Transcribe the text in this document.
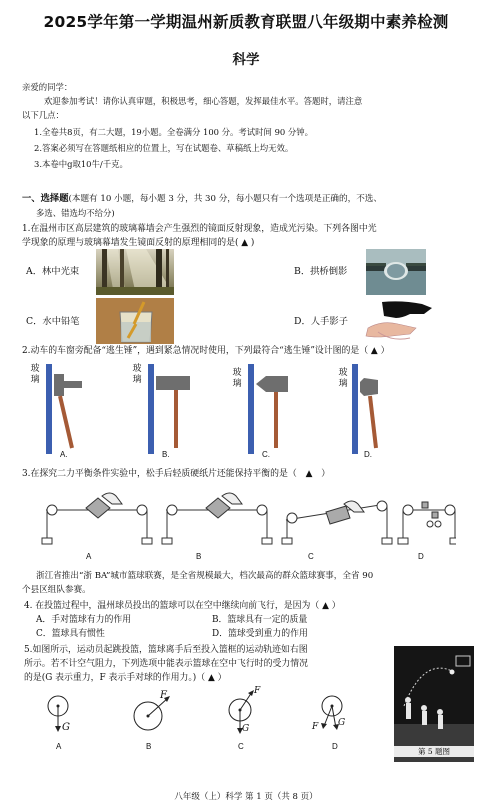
2025学年第一学期温州新质教育联盟八年级期中素养检测
科学
亲爱的同学：
欢迎参加考试！请你认真审题，积极思考，细心答题，发挥最佳水平。答题时，请注意
以下几点：
1.全卷共8页，有二大题，19小题。全卷满分 100 分。考试时间 90 分钟。
2.答案必须写在答题纸相应的位置上，写在试题卷、草稿纸上均无效。
3.本卷中g取10牛/千克。
一、选择题(本题有 10 小题，每小题 3 分，共 30 分，每小题只有一个选项是正确的，不选、
多选、错选均不给分)
1.在温州市区高层建筑的玻璃幕墙会产生强烈的镜面反射现象，造成光污染。下列各图中光
学现象的原理与玻璃幕墙发生镜面反射的原理相同的是( ▲ )
A．林中光束	B．拱桥倒影
C．水中铅笔	D．人手影子
2.动车的车窗旁配备“逃生锤”，遇到紧急情况时使用，下列最符合“逃生锤”设计图的是（ ▲ ）
玻璃
A.
玻璃
B.
玻璃
C.
玻璃
D.
3.在探究二力平衡条件实验中，松手后轻质硬纸片还能保持平衡的是（　▲　）
A	B	C	D
浙江省推出“浙 BA”城市篮球联赛，是全省规模最大，档次最高的群众篮球赛事，全省 90
个县区组队参赛。
4. 在投篮过程中，温州球员投出的篮球可以在空中继续向前飞行，是因为（ ▲ ）
A．手对篮球有力的作用	B．篮球具有一定的质量
C．篮球具有惯性	D．篮球受到重力的作用
5.如图所示，运动员起跳投篮，篮球离手后至投入篮框的运动轨迹如右图
所示。若不计空气阻力，下列选项中能表示篮球在空中飞行时的受力情况
的是(G 表示重力，F 表示手对球的作用力。)（ ▲ ）
G
F	F
G	F G
A	B	C	D
第 5 题图
八年级（上）科学 第 1 页（共 8 页）
